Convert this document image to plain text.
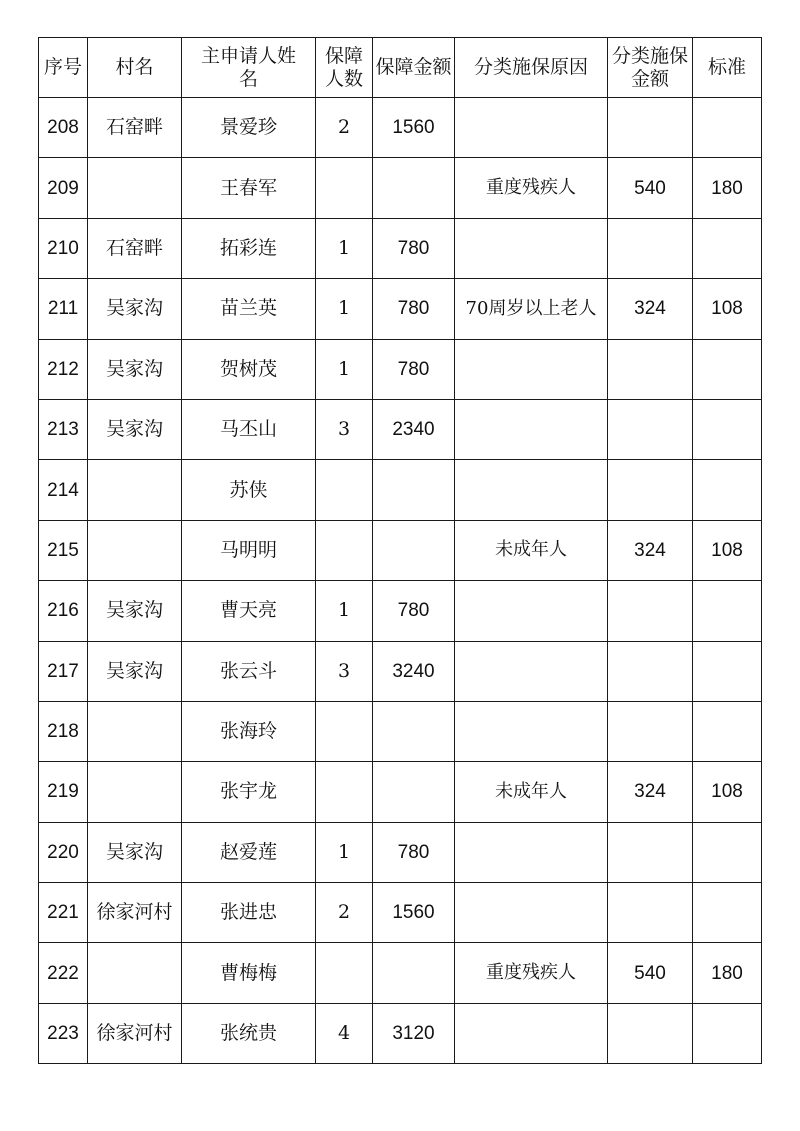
序号	村名	主申请人姓名	保障人数	保障金额	分类施保原因	分类施保金额	标准
208	石窑畔	景爱珍	2	1560			
209		王春军			重度残疾人	540	180
210	石窑畔	拓彩连	1	780			
211	吴家沟	苗兰英	1	780	70周岁以上老人	324	108
212	吴家沟	贺树茂	1	780			
213	吴家沟	马丕山	3	2340			
214		苏侠					
215		马明明			未成年人	324	108
216	吴家沟	曹天亮	1	780			
217	吴家沟	张云斗	3	3240			
218		张海玲					
219		张宇龙			未成年人	324	108
220	吴家沟	赵爱莲	1	780			
221	徐家河村	张进忠	2	1560			
222		曹梅梅			重度残疾人	540	180
223	徐家河村	张统贵	4	3120			
